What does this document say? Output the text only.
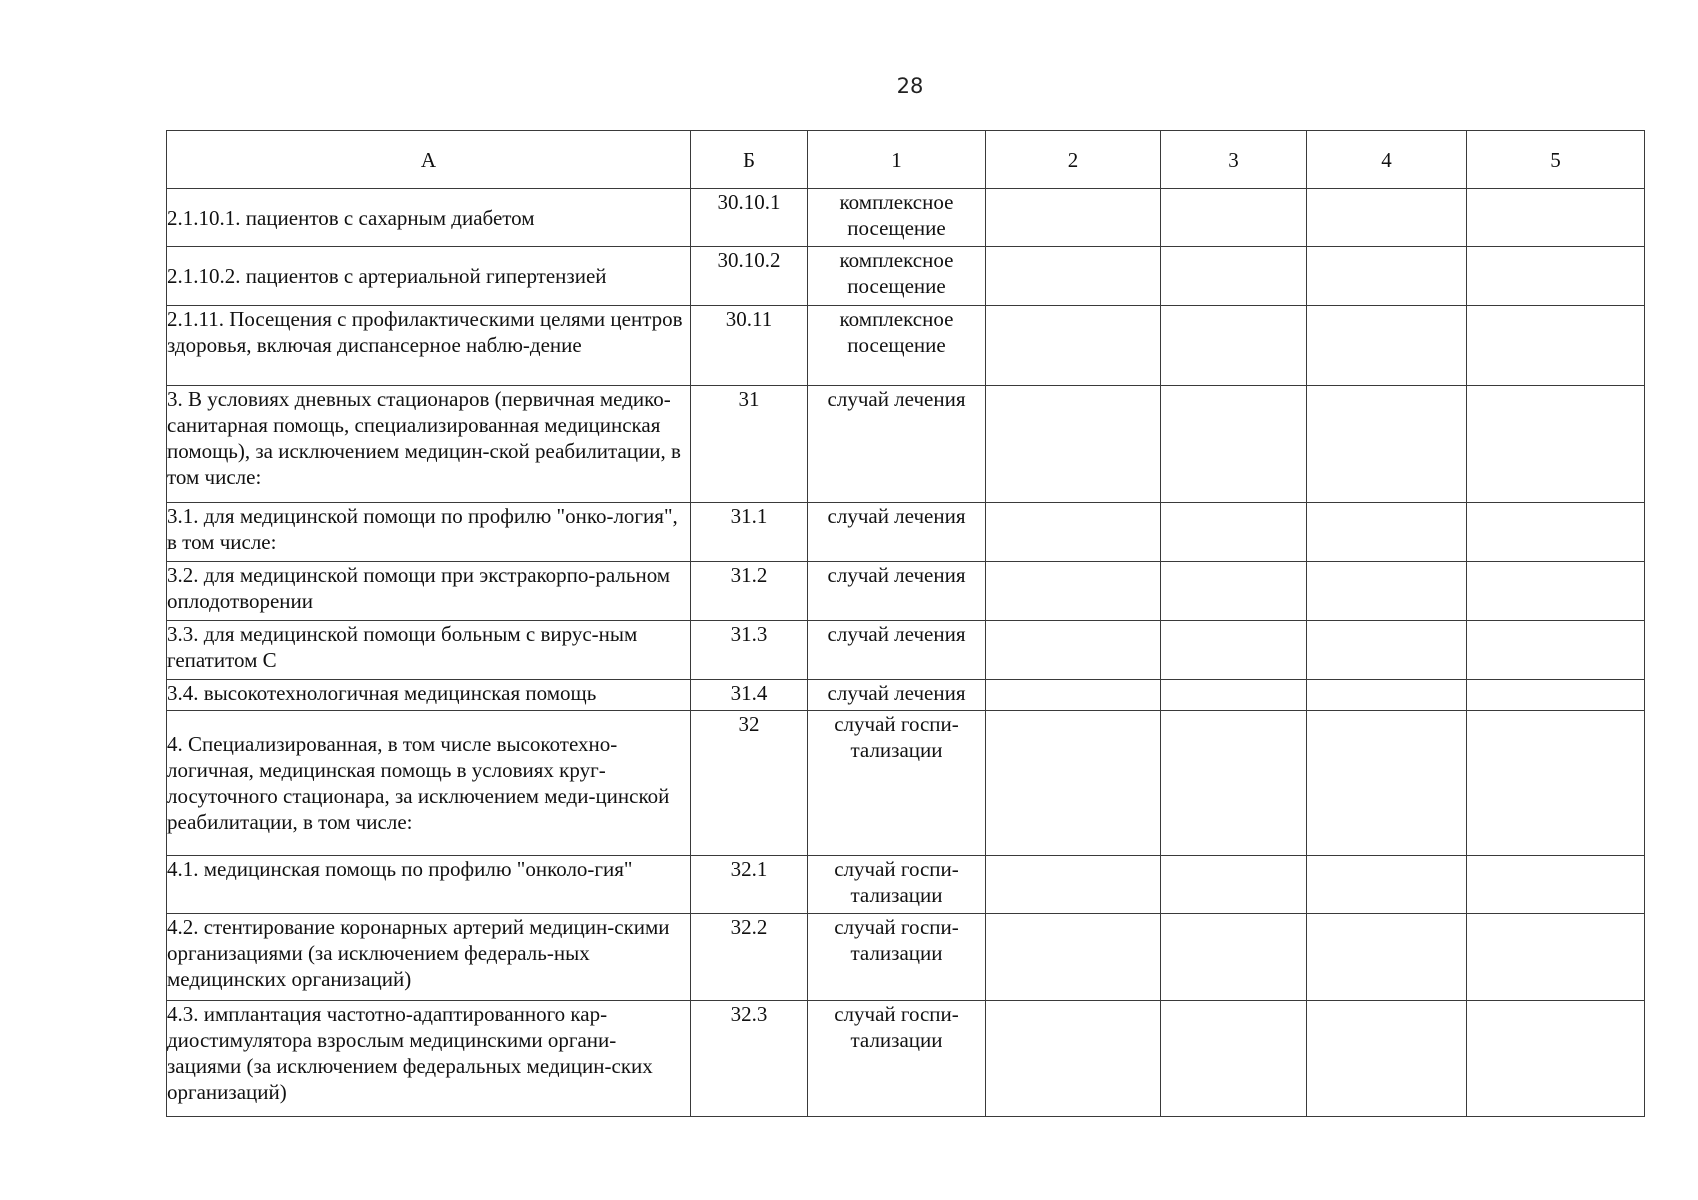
28
А	Б	1	2	3	4	5
2.1.10.1. пациентов с сахарным диабетом	30.10.1	комплексное посещение				
2.1.10.2. пациентов с артериальной гипертензией	30.10.2	комплексное посещение				
2.1.11. Посещения с профилактическими целями центров здоровья, включая диспансерное наблю-дение	30.11	комплексное посещение				
3. В условиях дневных стационаров (первичная медико-санитарная помощь, специализированная медицинская помощь), за исключением медицин-ской реабилитации, в том числе:	31	случай лечения				
3.1. для медицинской помощи по профилю "онко-логия", в том числе:	31.1	случай лечения				
3.2. для медицинской помощи при экстракорпо-ральном оплодотворении	31.2	случай лечения				
3.3. для медицинской помощи больным с вирус-ным гепатитом С	31.3	случай лечения				
3.4. высокотехнологичная медицинская помощь	31.4	случай лечения				
4. Специализированная, в том числе высокотехно-логичная, медицинская помощь в условиях круг-лосуточного стационара, за исключением меди-цинской реабилитации, в том числе:	32	случай госпи-тализации				
4.1. медицинская помощь по профилю "онколо-гия"	32.1	случай госпи-тализации				
4.2. стентирование коронарных артерий медицин-скими организациями (за исключением федераль-ных медицинских организаций)	32.2	случай госпи-тализации				
4.3. имплантация частотно-адаптированного кар-диостимулятора взрослым медицинскими органи-зациями (за исключением федеральных медицин-ских организаций)	32.3	случай госпи-тализации				
